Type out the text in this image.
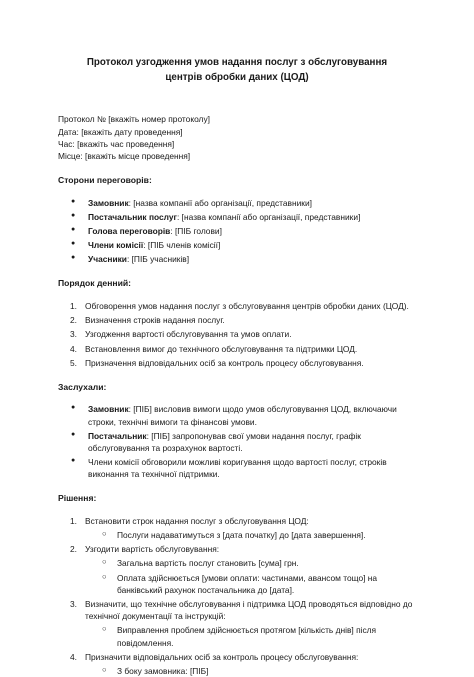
Протокол узгодження умов надання послуг з обслуговування центрів обробки даних (ЦОД)
Протокол № [вкажіть номер протоколу]
Дата: [вкажіть дату проведення]
Час: [вкажіть час проведення]
Місце: [вкажіть місце проведення]
Сторони переговорів:
● Замовник: [назва компанії або організації, представники]
● Постачальник послуг: [назва компанії або організації, представники]
● Голова переговорів: [ПІБ голови]
● Члени комісії: [ПІБ членів комісії]
● Учасники: [ПІБ учасників]
Порядок денний:
1. Обговорення умов надання послуг з обслуговування центрів обробки даних (ЦОД).
2. Визначення строків надання послуг.
3. Узгодження вартості обслуговування та умов оплати.
4. Встановлення вимог до технічного обслуговування та підтримки ЦОД.
5. Призначення відповідальних осіб за контроль процесу обслуговування.
Заслухали:
● Замовник: [ПІБ] висловив вимоги щодо умов обслуговування ЦОД, включаючи строки, технічні вимоги та фінансові умови.
● Постачальник: [ПІБ] запропонував свої умови надання послуг, графік обслуговування та розрахунок вартості.
● Члени комісії обговорили можливі коригування щодо вартості послуг, строків виконання та технічної підтримки.
Рішення:
1. Встановити строк надання послуг з обслуговування ЦОД:
○ Послуги надаватимуться з [дата початку] до [дата завершення].
2. Узгодити вартість обслуговування:
○ Загальна вартість послуг становить [сума] грн.
○ Оплата здійснюється [умови оплати: частинами, авансом тощо] на банківський рахунок постачальника до [дата].
3. Визначити, що технічне обслуговування і підтримка ЦОД проводяться відповідно до технічної документації та інструкцій:
○ Виправлення проблем здійснюється протягом [кількість днів] після повідомлення.
4. Призначити відповідальних осіб за контроль процесу обслуговування:
○ З боку замовника: [ПІБ]
